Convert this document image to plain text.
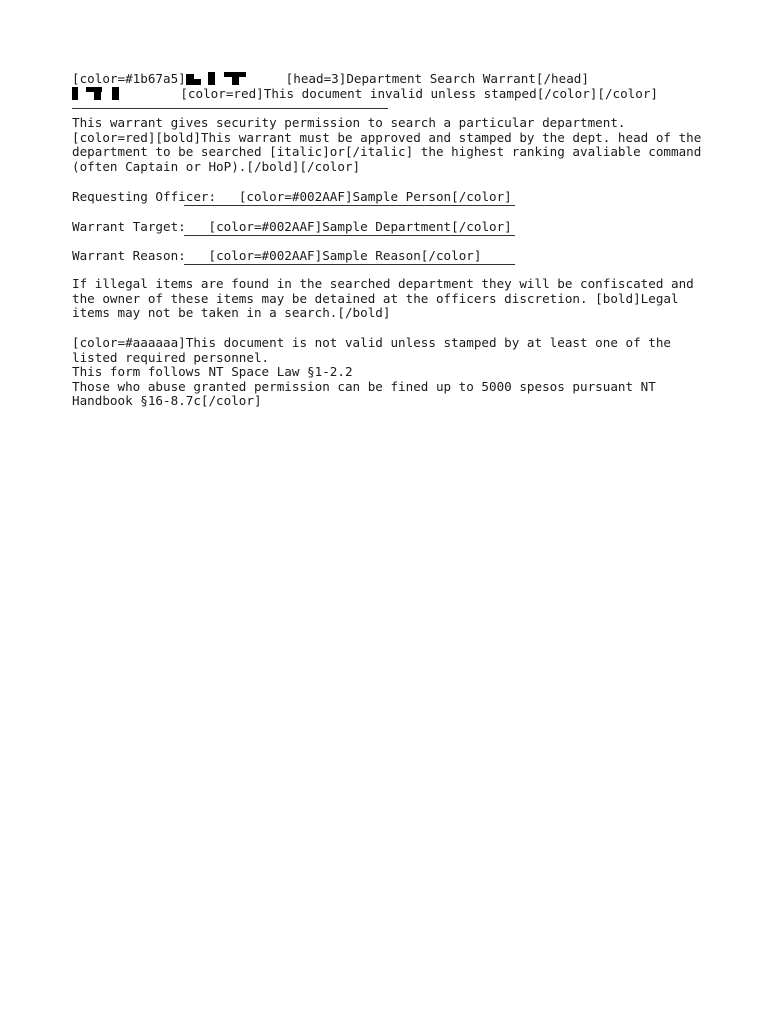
[color=#1b67a5]	[head=3]Department Search Warrant[/head]
[color=red]This document invalid unless stamped[/color][/color]
This warrant gives security permission to search a particular department.
[color=red][bold]This warrant must be approved and stamped by the dept. head of the
department to be searched [italic]or[/italic] the highest ranking avaliable command
(often Captain or HoP).[/bold][/color]
Requesting Officer: [color=#002AAF]Sample Person[/color]
Warrant Target: [color=#002AAF]Sample Department[/color]
Warrant Reason: [color=#002AAF]Sample Reason[/color]
If illegal items are found in the searched department they will be confiscated and
the owner of these items may be detained at the officers discretion. [bold]Legal
items may not be taken in a search.[/bold]
[color=#aaaaaa]This document is not valid unless stamped by at least one of the
listed required personnel.
This form follows NT Space Law §1-2.2
Those who abuse granted permission can be fined up to 5000 spesos pursuant NT
Handbook §16-8.7c[/color]
